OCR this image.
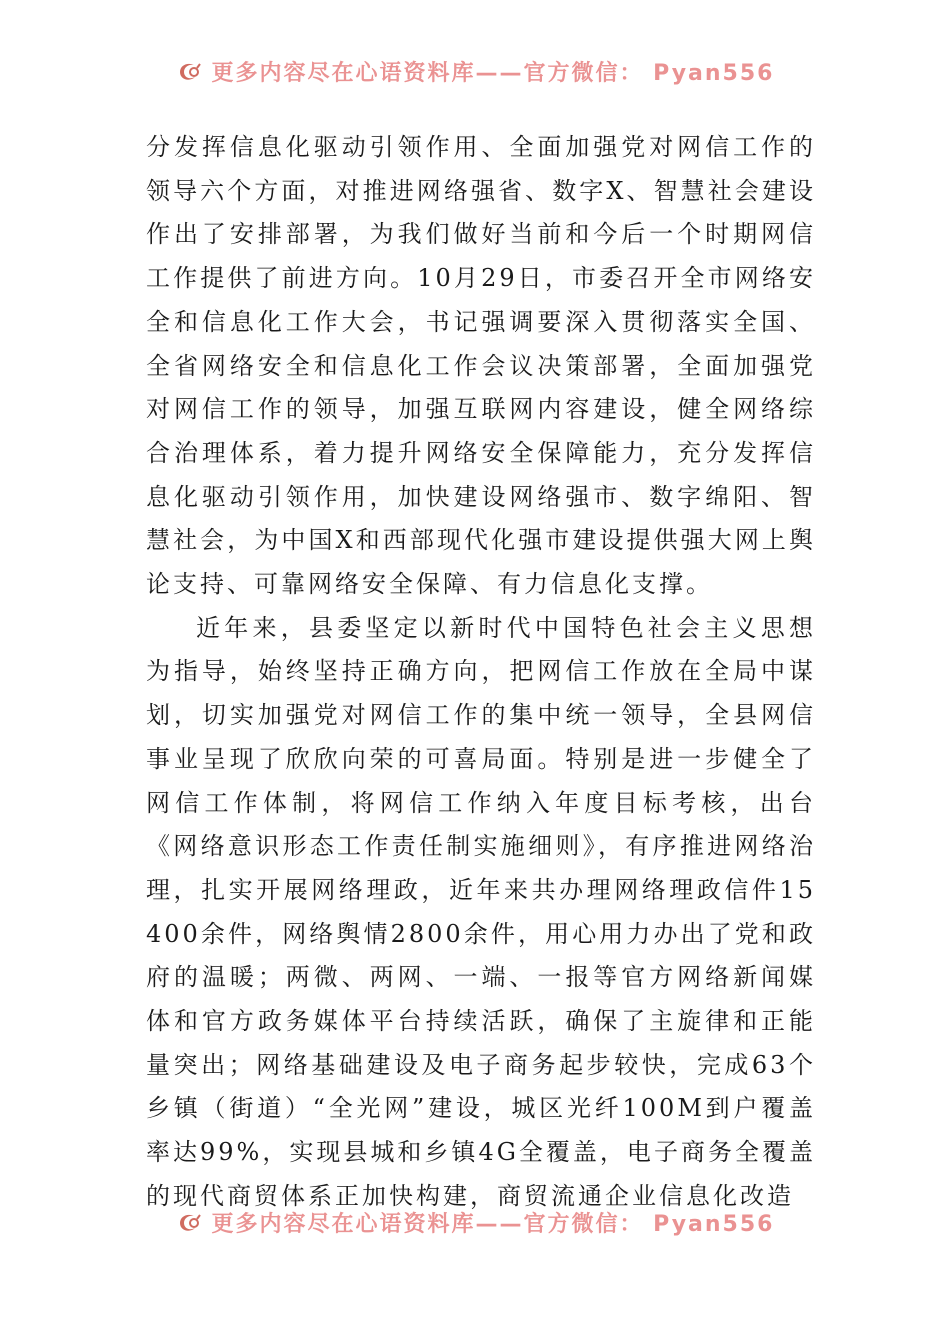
更多内容尽在心语资料库——官方微信： Pyan556

分发挥信息化驱动引领作用、全面加强党对网信工作的领导六个方面，对推进网络强省、数字X、智慧社会建设作出了安排部署，为我们做好当前和今后一个时期网信工作提供了前进方向。10月29日，市委召开全市网络安全和信息化工作大会，书记强调要深入贯彻落实全国、全省网络安全和信息化工作会议决策部署，全面加强党对网信工作的领导，加强互联网内容建设，健全网络综合治理体系，着力提升网络安全保障能力，充分发挥信息化驱动引领作用，加快建设网络强市、数字绵阳、智慧社会，为中国X和西部现代化强市建设提供强大网上舆论支持、可靠网络安全保障、有力信息化支撑。

近年来，县委坚定以新时代中国特色社会主义思想为指导，始终坚持正确方向，把网信工作放在全局中谋划，切实加强党对网信工作的集中统一领导，全县网信事业呈现了欣欣向荣的可喜局面。特别是进一步健全了网信工作体制，将网信工作纳入年度目标考核，出台《网络意识形态工作责任制实施细则》，有序推进网络治理，扎实开展网络理政，近年来共办理网络理政信件15400余件，网络舆情2800余件，用心用力办出了党和政府的温暖；两微、两网、一端、一报等官方网络新闻媒体和官方政务媒体平台持续活跃，确保了主旋律和正能量突出；网络基础建设及电子商务起步较快，完成63个乡镇（街道）“全光网”建设，城区光纤100M到户覆盖率达99%，实现县城和乡镇4G全覆盖，电子商务全覆盖的现代商贸体系正加快构建，商贸流通企业信息化改造

更多内容尽在心语资料库——官方微信： Pyan556
